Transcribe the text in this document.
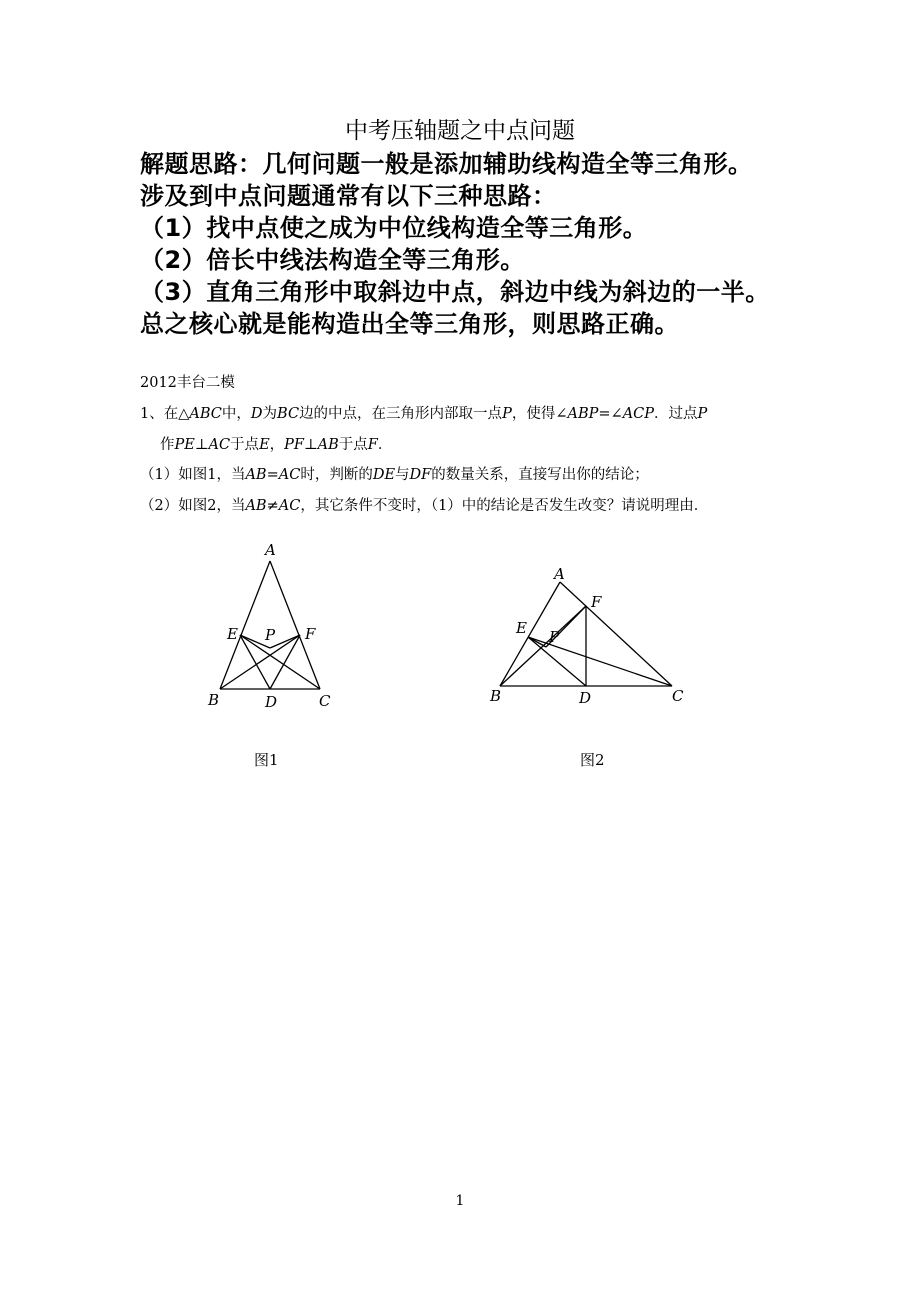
中考压轴题之中点问题
解题思路：几何问题一般是添加辅助线构造全等三角形。
涉及到中点问题通常有以下三种思路：
（1）找中点使之成为中位线构造全等三角形。
（2）倍长中线法构造全等三角形。
（3）直角三角形中取斜边中点，斜边中线为斜边的一半。
总之核心就是能构造出全等三角形，则思路正确。
2012丰台二模
1、在△ABC中，D为BC边的中点，在三角形内部取一点P，使得∠ABP=∠ACP．过点P
作PE⊥AC于点E，PF⊥AB于点F．
（1）如图1，当AB=AC时，判断的DE与DF的数量关系，直接写出你的结论；
（2）如图2，当AB≠AC，其它条件不变时，（1）中的结论是否发生改变？请说明理由．
A
E P F
B	D	C
图1
A
F
E P
B	D	C
图2
1
